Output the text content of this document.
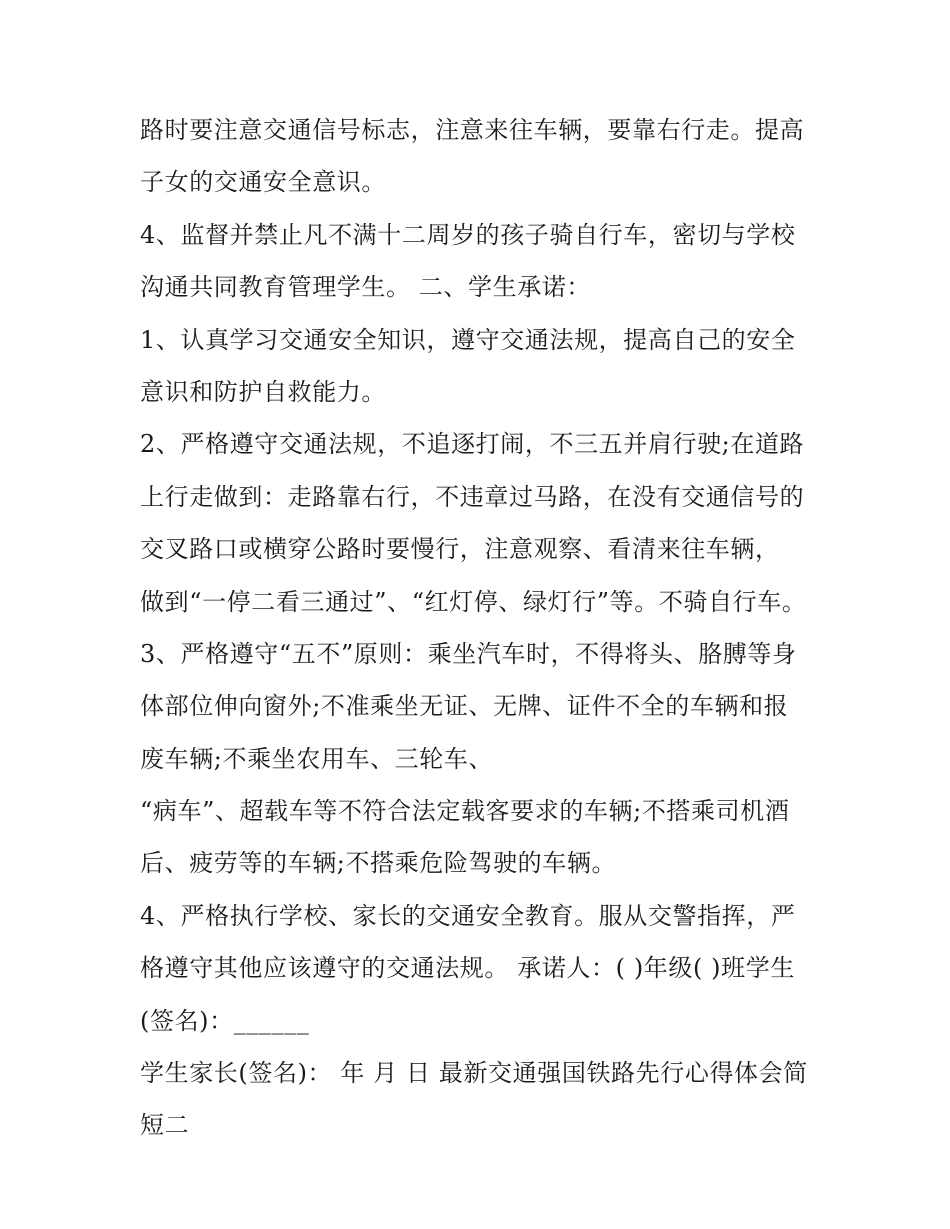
路时要注意交通信号标志，注意来往车辆，要靠右行走。提高
子女的交通安全意识。
4、监督并禁止凡不满十二周岁的孩子骑自行车，密切与学校
沟通共同教育管理学生。 二、学生承诺：
1、认真学习交通安全知识，遵守交通法规，提高自己的安全
意识和防护自救能力。
2、严格遵守交通法规，不追逐打闹，不三五并肩行驶;在道路
上行走做到：走路靠右行，不违章过马路，在没有交通信号的
交叉路口或横穿公路时要慢行，注意观察、看清来往车辆，
做到“一停二看三通过”、“红灯停、绿灯行”等。不骑自行车。
3、严格遵守“五不”原则：乘坐汽车时，不得将头、胳膊等身
体部位伸向窗外;不准乘坐无证、无牌、证件不全的车辆和报
废车辆;不乘坐农用车、三轮车、
“病车”、超载车等不符合法定载客要求的车辆;不搭乘司机酒
后、疲劳等的车辆;不搭乘危险驾驶的车辆。
4、严格执行学校、家长的交通安全教育。服从交警指挥，严
格遵守其他应该遵守的交通法规。 承诺人：( )年级( )班学生
(签名)：______
学生家长(签名)： 年 月 日 最新交通强国铁路先行心得体会简
短二
